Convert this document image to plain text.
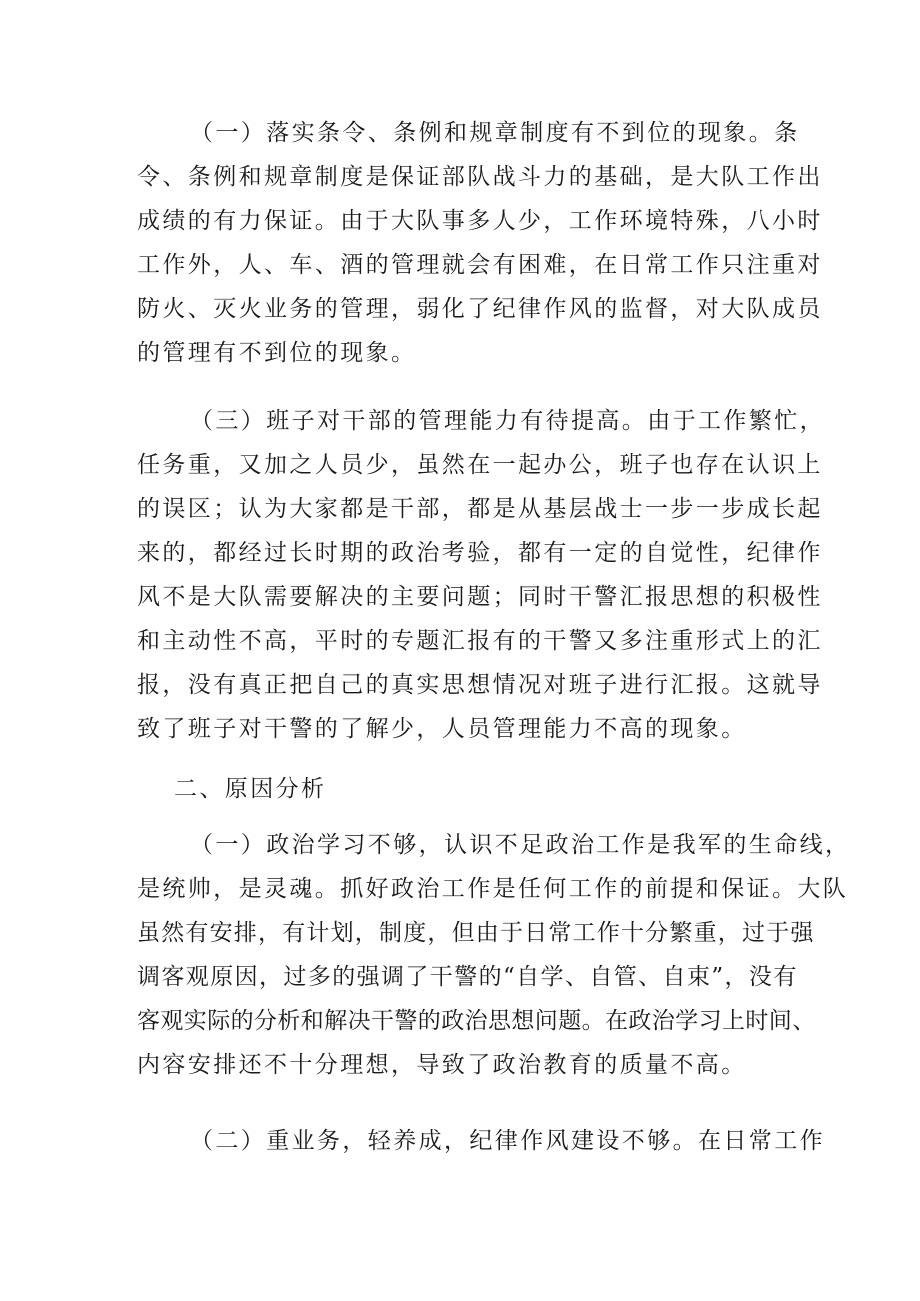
（一）落实条令、条例和规章制度有不到位的现象。条
令、条例和规章制度是保证部队战斗力的基础，是大队工作出
成绩的有力保证。由于大队事多人少，工作环境特殊，八小时
工作外，人、车、酒的管理就会有困难，在日常工作只注重对
防火、灭火业务的管理，弱化了纪律作风的监督，对大队成员
的管理有不到位的现象。
（三）班子对干部的管理能力有待提高。由于工作繁忙，
任务重，又加之人员少，虽然在一起办公，班子也存在认识上
的误区；认为大家都是干部，都是从基层战士一步一步成长起
来的，都经过长时期的政治考验，都有一定的自觉性，纪律作
风不是大队需要解决的主要问题；同时干警汇报思想的积极性
和主动性不高，平时的专题汇报有的干警又多注重形式上的汇
报，没有真正把自己的真实思想情况对班子进行汇报。这就导
致了班子对干警的了解少，人员管理能力不高的现象。
二、原因分析
（一）政治学习不够，认识不足政治工作是我军的生命线，
是统帅，是灵魂。抓好政治工作是任何工作的前提和保证。大队
虽然有安排，有计划，制度，但由于日常工作十分繁重，过于强
调客观原因，过多的强调了干警的“自学、自管、自束”，没有
客观实际的分析和解决干警的政治思想问题。在政治学习上时间、
内容安排还不十分理想，导致了政治教育的质量不高。
（二）重业务，轻养成，纪律作风建设不够。在日常工作
